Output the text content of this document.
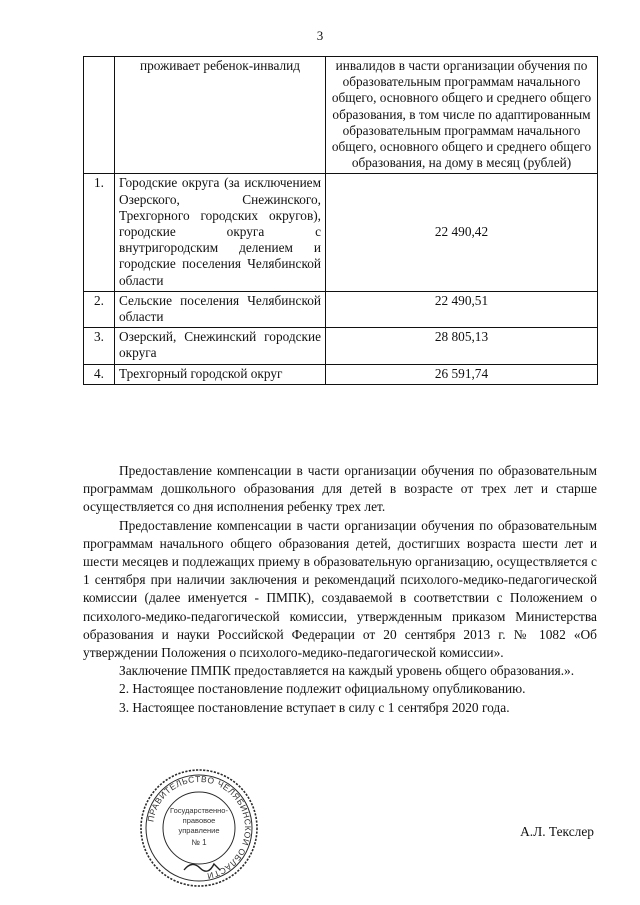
3
	проживает ребенок-инвалид	инвалидов в части организации обучения по образовательным программам начального общего, основного общего и среднего общего образования, в том числе по адаптированным образовательным программам начального общего, основного общего и среднего общего образования, на дому в месяц (рублей)
1.	Городские округа (за исключением Озерского, Снежинского, Трехгорного городских округов), городские округа с внутригородским делением и городские поселения Челябинской области	22 490,42
2.	Сельские поселения Челябинской области	22 490,51
3.	Озерский, Снежинский городские округа	28 805,13
4.	Трехгорный городской округ	26 591,74

Предоставление компенсации в части организации обучения по образовательным программам дошкольного образования для детей в возрасте от трех лет и старше осуществляется со дня исполнения ребенку трех лет.

Предоставление компенсации в части организации обучения по образовательным программам начального общего образования детей, достигших возраста шести лет и шести месяцев и подлежащих приему в образовательную организацию, осуществляется с 1 сентября при наличии заключения и рекомендаций психолого-медико-педагогической комиссии (далее именуется - ПМПК), создаваемой в соответствии с Положением о психолого-медико-педагогической комиссии, утвержденным приказом Министерства образования и науки Российской Федерации от 20 сентября 2013 г. № 1082 «Об утверждении Положения о психолого-медико-педагогической комиссии».

Заключение ПМПК предоставляется на каждый уровень общего образования.».

2. Настоящее постановление подлежит официальному опубликованию.

3. Настоящее постановление вступает в силу с 1 сентября 2020 года.

ПРАВИТЕЛЬСТВО ЧЕЛЯБИНСКОЙ ОБЛАСТИ
Государственно-
правовое
управление
№ 1
А.Л. Текслер
